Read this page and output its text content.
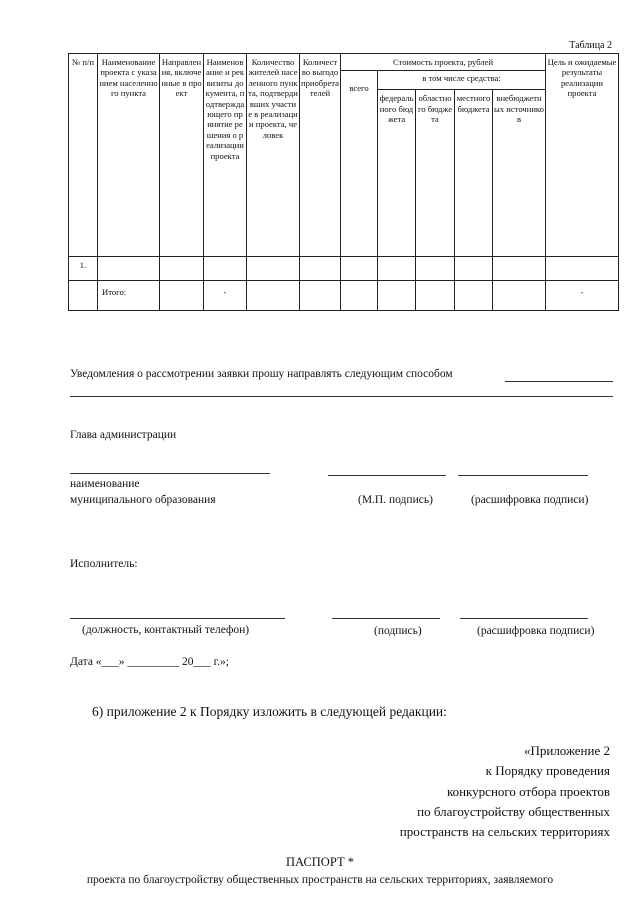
Таблица 2
№ п/п	Наименование проекта с указанием населенного пункта	Направления, включенные в проект	Наименование и реквизиты документа, подтверждающего принятие решения о реализации проекта	Количество жителей населенного пункта, подтвердивших участие в реализации проекта, человек	Количество выгодоприобретателей	Стоимость проекта, рублей					Цель и ожидаемые результаты реализации проекта
						всего	в том числе средства:				
							федерального бюджета	областного бюджета	местного бюджета	внебюджетных источников	
1.											
	Итого:		-								-
Уведомления о рассмотрении заявки прошу направлять следующим способом
Глава администрации
наименование
муниципального образования	(М.П. подпись)	(расшифровка подписи)
Исполнитель:
(должность, контактный телефон)	(подпись)	(расшифровка подписи)
Дата «___» _________ 20___ г.»;
6) приложение 2 к Порядку изложить в следующей редакции:
«Приложение 2
к Порядку проведения
конкурсного отбора проектов
по благоустройству общественных
пространств на сельских территориях
ПАСПОРТ *
проекта по благоустройству общественных пространств на сельских территориях, заявляемого
